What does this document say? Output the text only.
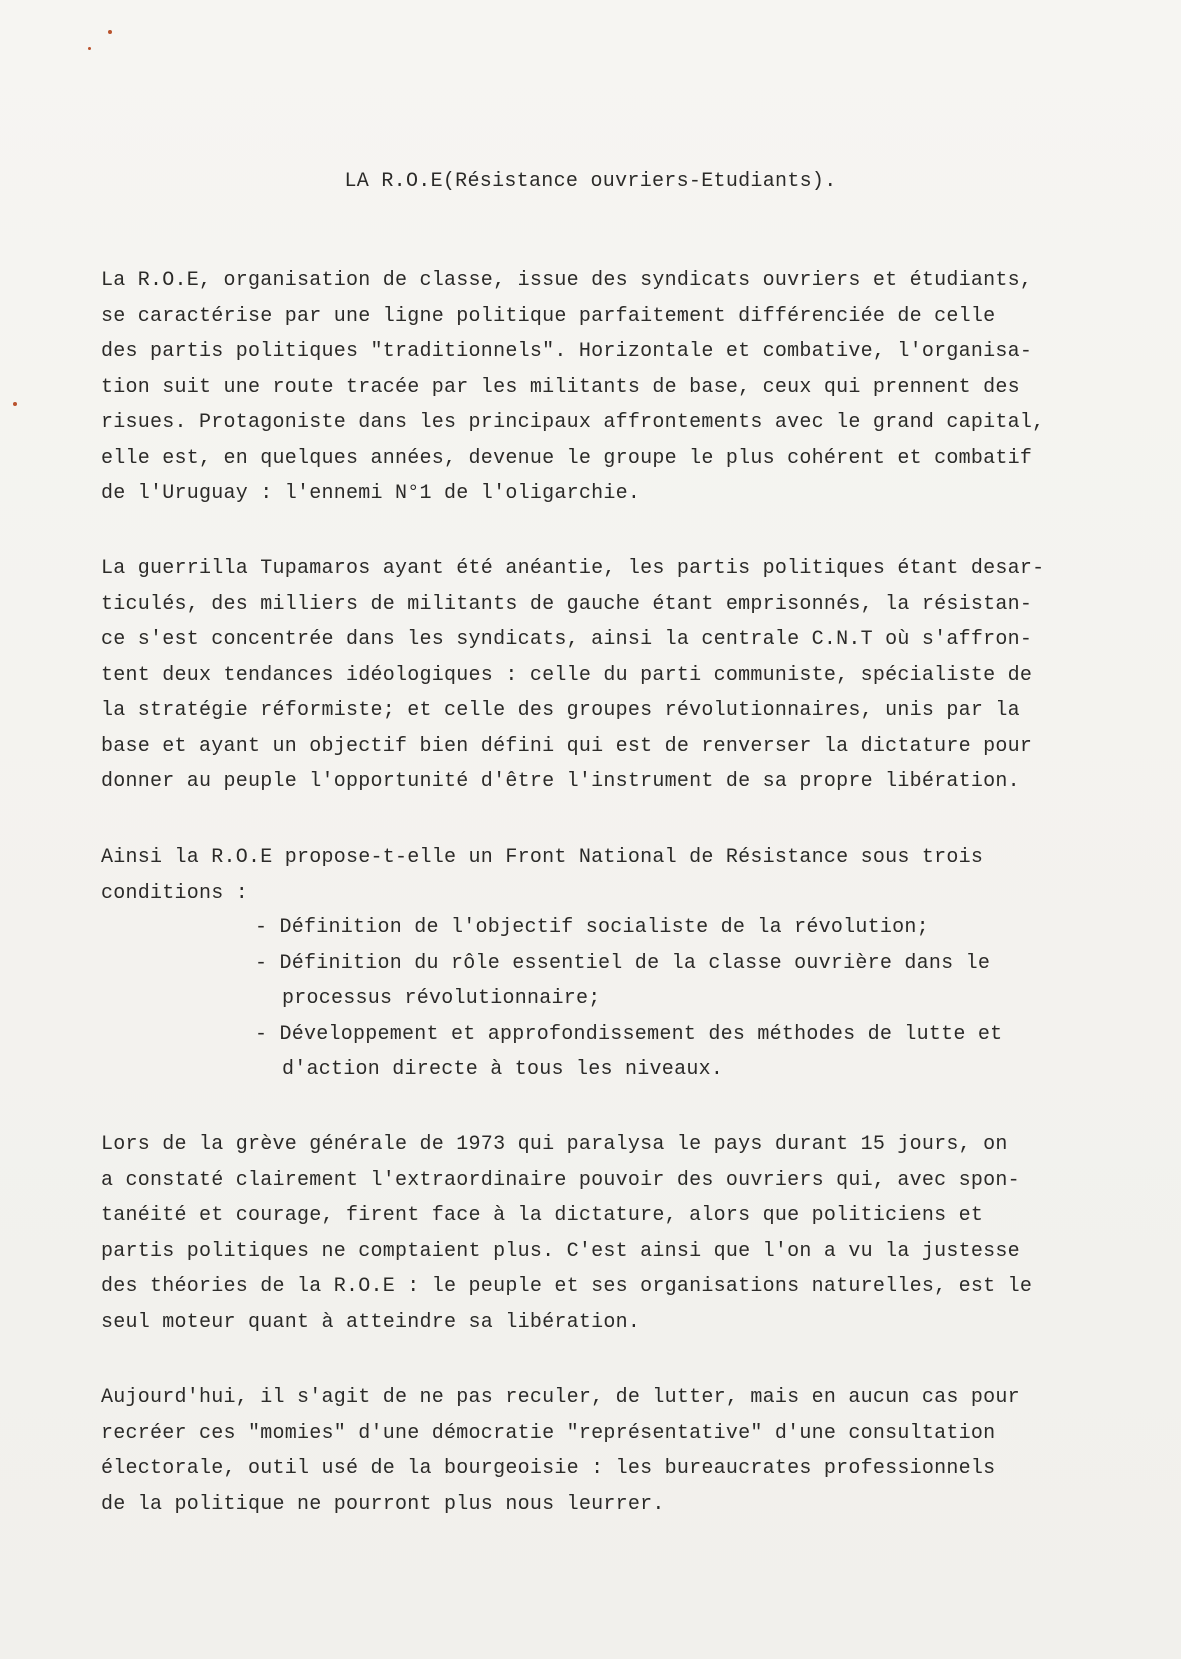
LA R.O.E(Résistance ouvriers-Etudiants).
La R.O.E, organisation de classe, issue des syndicats ouvriers et étudiants,
se caractérise par une ligne politique parfaitement différenciée de celle
des partis politiques "traditionnels". Horizontale et combative, l'organisa-
tion suit une route tracée par les militants de base, ceux qui prennent des
risues. Protagoniste dans les principaux affrontements avec le grand capital,
elle est, en quelques années, devenue le groupe le plus cohérent et combatif
de l'Uruguay : l'ennemi N°1 de l'oligarchie.
La guerrilla Tupamaros ayant été anéantie, les partis politiques étant desar-
ticulés, des milliers de militants de gauche étant emprisonnés, la résistan-
ce s'est concentrée dans les syndicats, ainsi la centrale C.N.T où s'affron-
tent deux tendances idéologiques : celle du parti communiste, spécialiste de
la stratégie réformiste; et celle des groupes révolutionnaires, unis par la
base et ayant un objectif bien défini qui est de renverser la dictature pour
donner au peuple l'opportunité d'être l'instrument de sa propre libération.
Ainsi la R.O.E propose-t-elle un Front National de Résistance sous trois
conditions :
- Définition de l'objectif socialiste de la révolution;
- Définition du rôle essentiel de la classe ouvrière dans le
processus révolutionnaire;
- Développement et approfondissement des méthodes de lutte et
d'action directe à tous les niveaux.
Lors de la grève générale de 1973 qui paralysa le pays durant 15 jours, on
a constaté clairement l'extraordinaire pouvoir des ouvriers qui, avec spon-
tanéité et courage, firent face à la dictature, alors que politiciens et
partis politiques ne comptaient plus. C'est ainsi que l'on a vu la justesse
des théories de la R.O.E : le peuple et ses organisations naturelles, est le
seul moteur quant à atteindre sa libération.
Aujourd'hui, il s'agit de ne pas reculer, de lutter, mais en aucun cas pour
recréer ces "momies" d'une démocratie "représentative" d'une consultation
électorale, outil usé de la bourgeoisie : les bureaucrates professionnels
de la politique ne pourront plus nous leurrer.
